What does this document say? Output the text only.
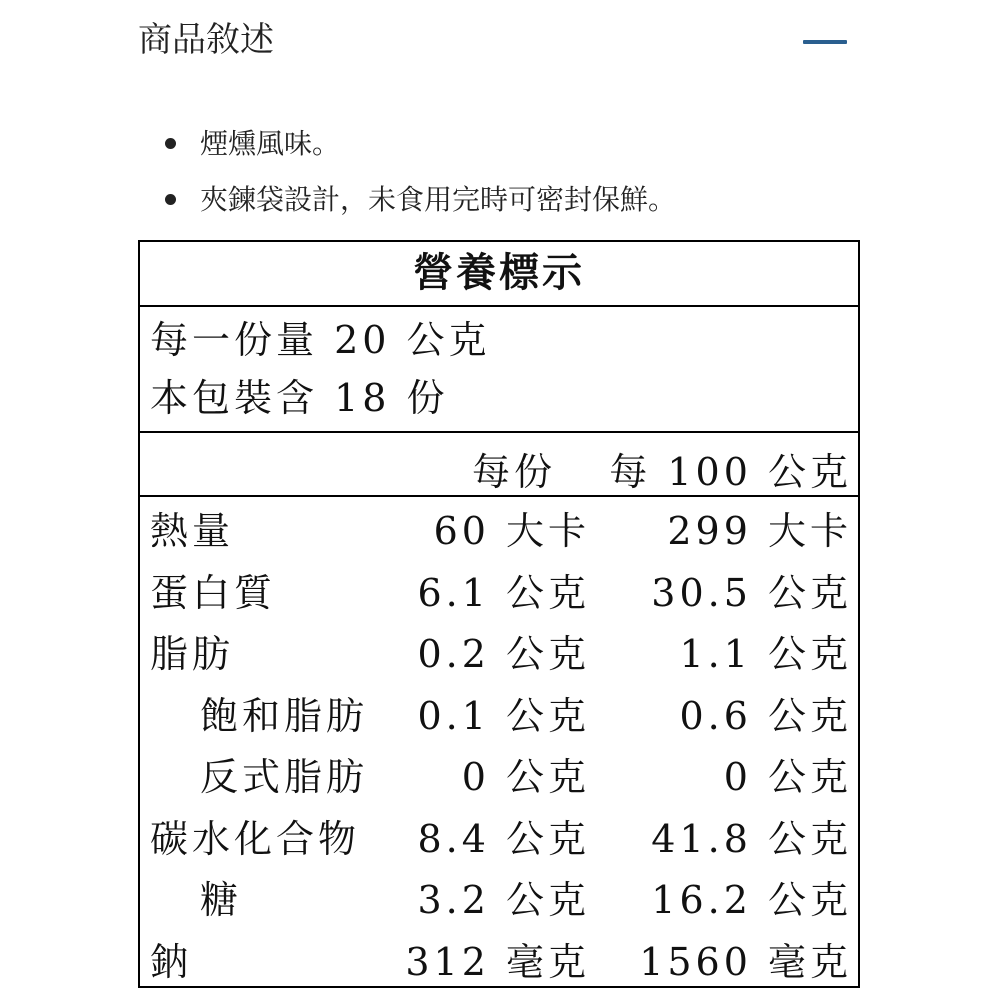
商品敘述
煙燻風味。
夾鍊袋設計，未食用完時可密封保鮮。
營養標示
每一份量 20 公克
本包裝含 18 份
每份 每 100 公克
熱量	60 大卡 299 大卡
蛋白質	6.1 公克 30.5 公克
脂肪	0.2 公克 1.1 公克
飽和脂肪 0.1 公克 0.6 公克
反式脂肪 0 公克	0 公克
碳水化合物 8.4 公克 41.8 公克
糖	3.2 公克 16.2 公克
鈉	312 毫克 1560 毫克
